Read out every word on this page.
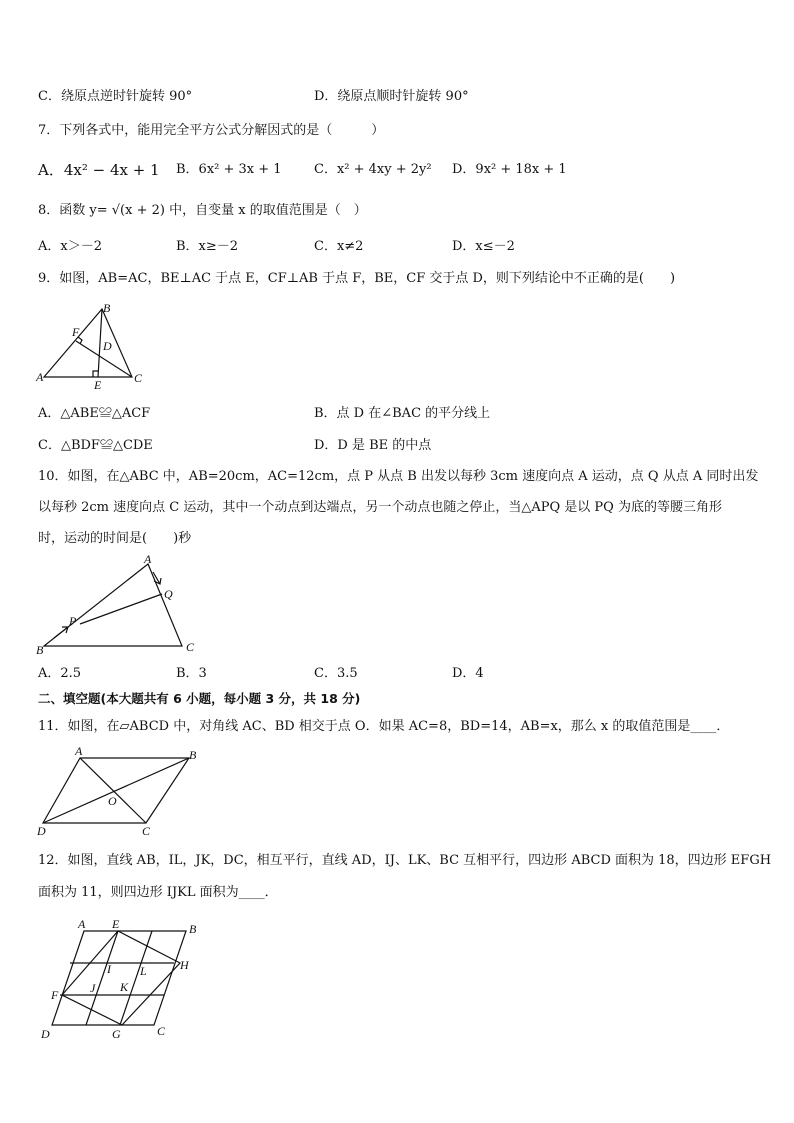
C．绕原点逆时针旋转 90°	D．绕原点顺时针旋转 90°
7．下列各式中，能用完全平方公式分解因式的是（　　　）
A．4x² − 4x + 1 B．6x² + 3x + 1 C．x² + 4xy + 2y² D．9x² + 18x + 1
8．函数 y= √(x + 2) 中，自变量 x 的取值范围是（　）
A．x＞－2	B．x≥－2	C．x≠2	D．x≤－2
9．如图，AB=AC，BE⊥AC 于点 E，CF⊥AB 于点 F，BE，CF 交于点 D，则下列结论中不正确的是(　　)
B
F
D
A
E	C
A．△ABE≌△ACF	B．点 D 在∠BAC 的平分线上
C．△BDF≌△CDE	D．D 是 BE 的中点
10．如图，在△ABC 中，AB=20cm，AC=12cm，点 P 从点 B 出发以每秒 3cm 速度向点 A 运动，点 Q 从点 A 同时出发
以每秒 2cm 速度向点 C 运动，其中一个动点到达端点，另一个动点也随之停止，当△APQ 是以 PQ 为底的等腰三角形
时，运动的时间是(　　)秒
A
Q
P
B	C
A．2.5	B．3	C．3.5	D．4
二、填空题(本大题共有 6 小题，每小题 3 分，共 18 分)
11．如图，在▱ABCD 中，对角线 AC、BD 相交于点 O．如果 AC=8，BD=14，AB=x，那么 x 的取值范围是____．
A	B
O
D	C
12．如图，直线 AB，IL，JK，DC，相互平行，直线 AD，IJ、LK、BC 互相平行，四边形 ABCD 面积为 18，四边形 EFGH
面积为 11，则四边形 IJKL 面积为____．
A E	B
H
I L
J K
F
D	G	C
